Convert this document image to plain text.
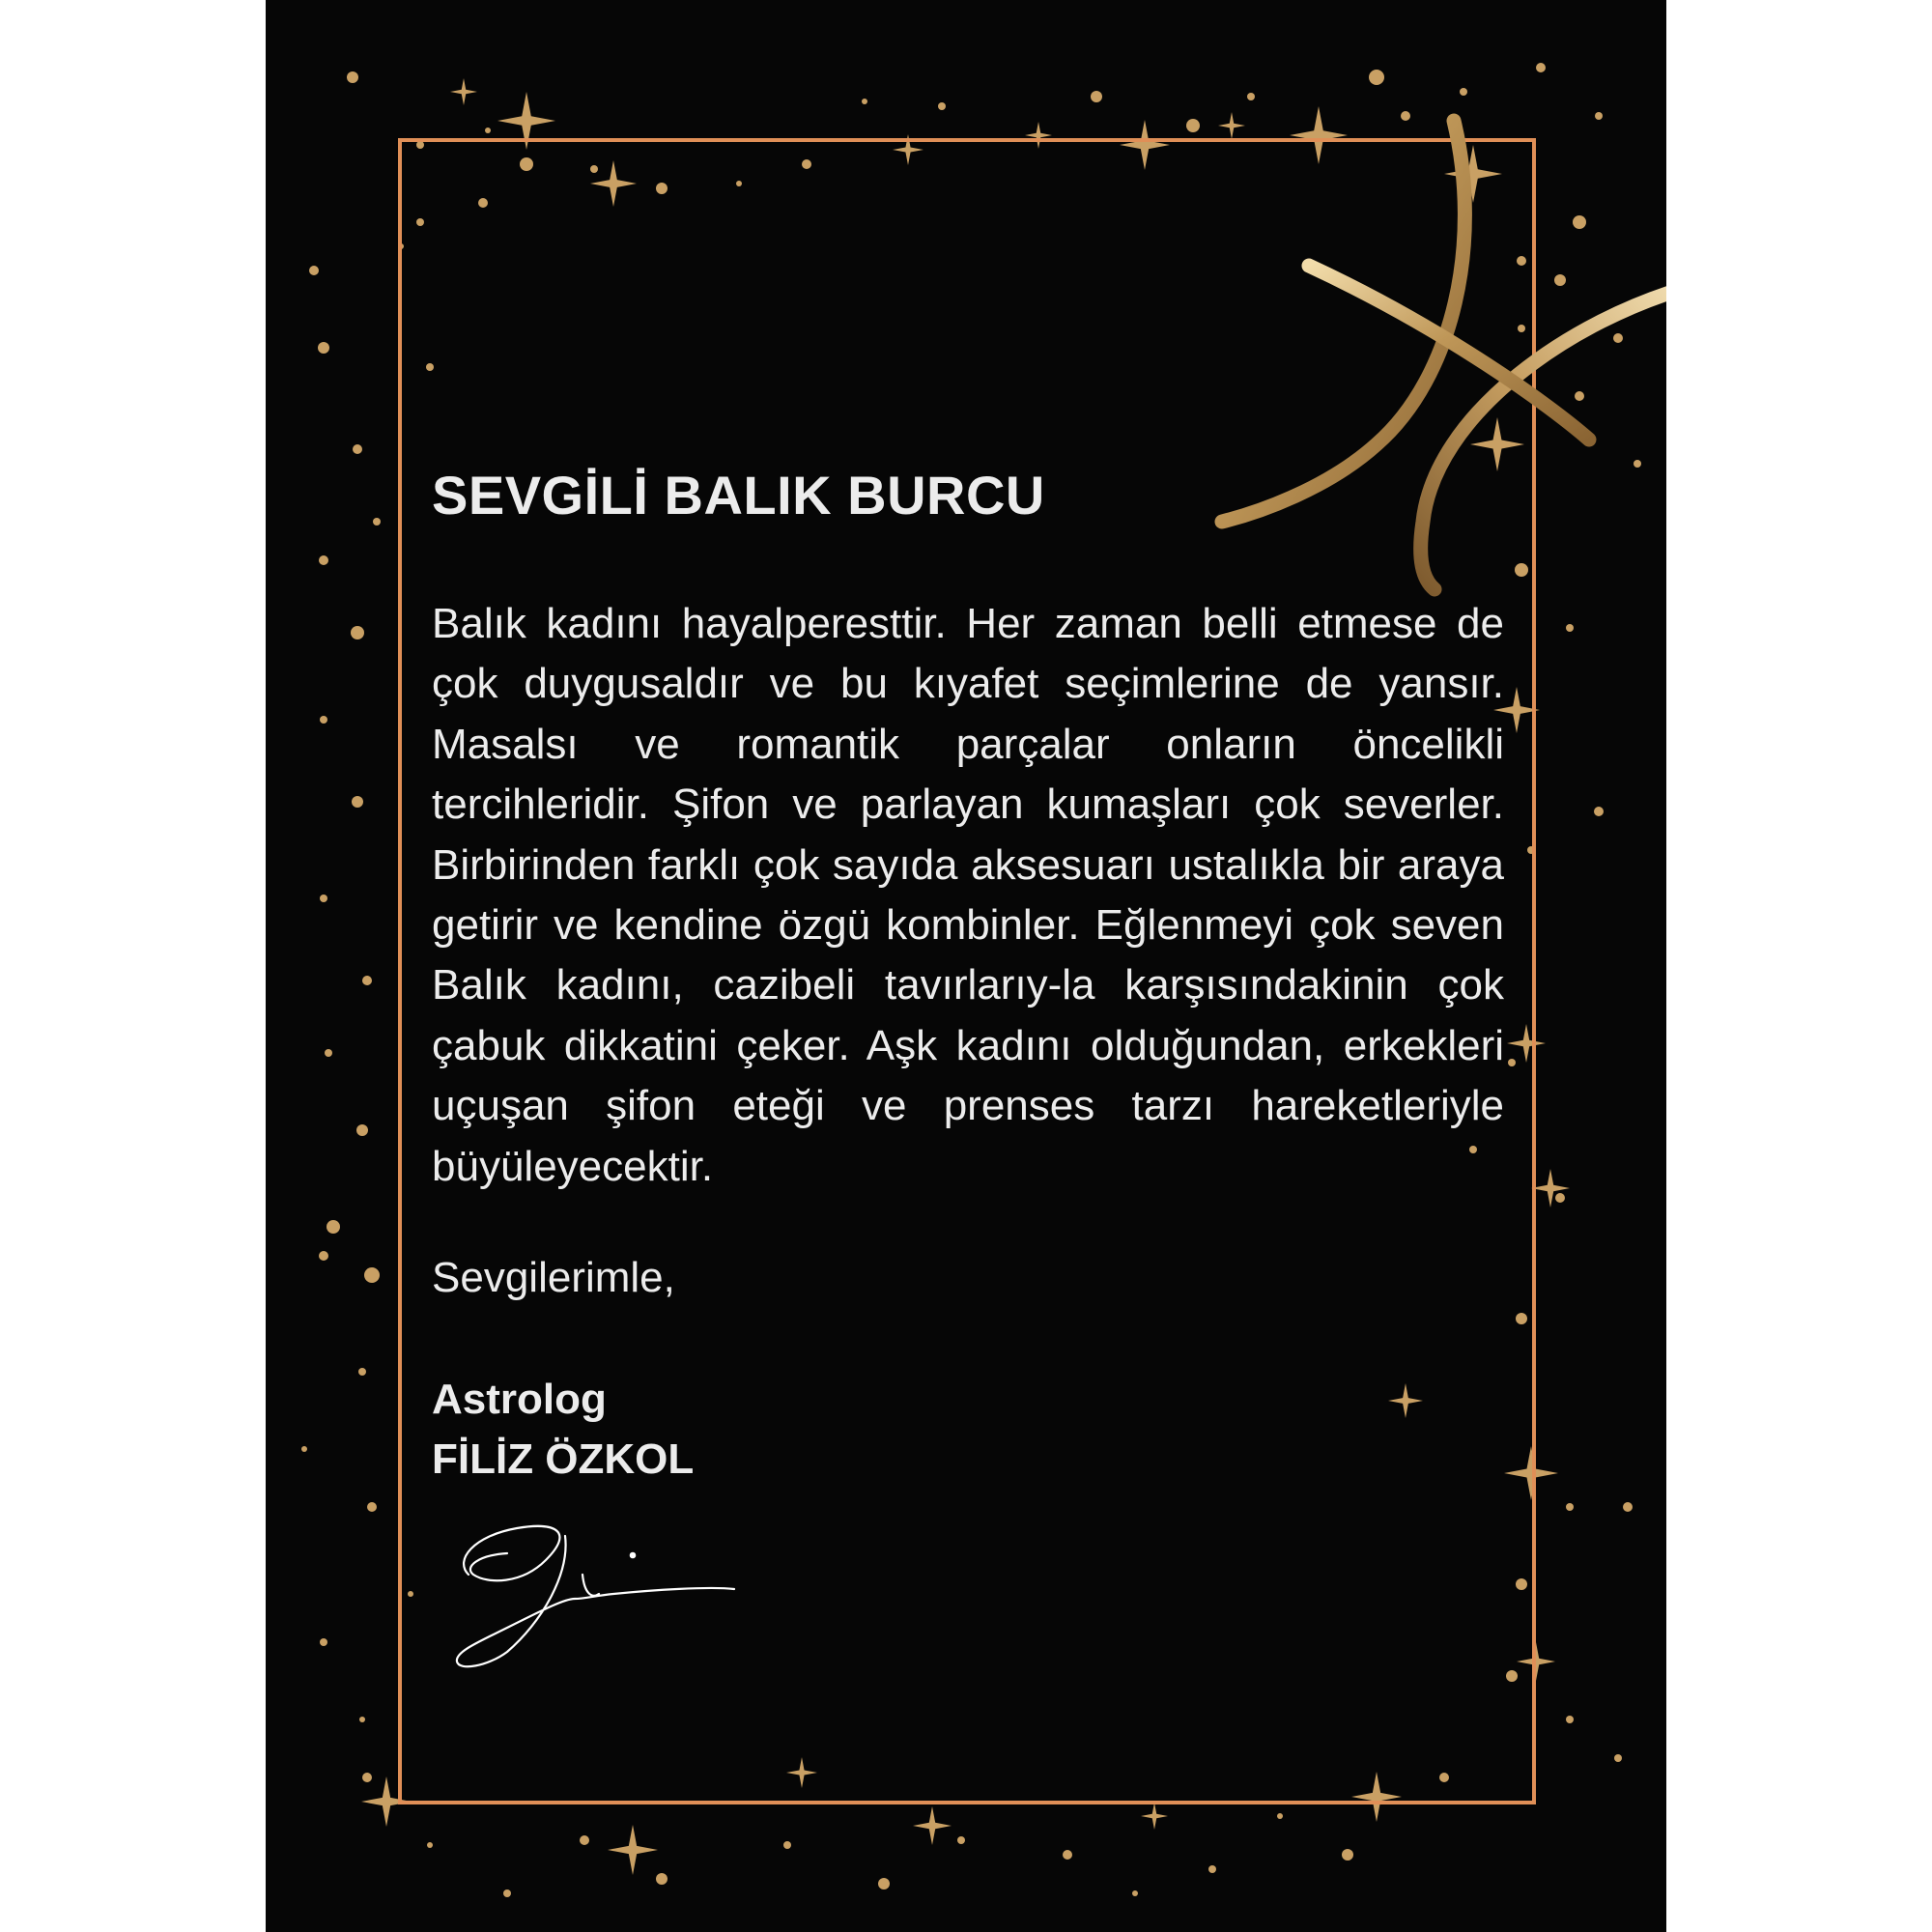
SEVGİLİ BALIK BURCU
Balık kadını hayalperesttir. Her zaman belli etmese de çok duygusaldır ve bu kıyafet seçimlerine de yansır. Masalsı ve romantik parçalar onların öncelikli tercihleridir. Şifon ve parlayan kumaşları çok severler. Birbirinden farklı çok sayıda aksesuarı ustalıkla bir araya getirir ve kendine özgü kombinler. Eğlenmeyi çok seven Balık kadını, cazibeli tavırlarıy-la karşısındakinin çok çabuk dikkatini çeker. Aşk kadını olduğundan, erkekleri uçuşan şifon eteği ve prenses tarzı hareketleriyle büyüleyecektir.
Sevgilerimle,
Astrolog
FİLİZ ÖZKOL
